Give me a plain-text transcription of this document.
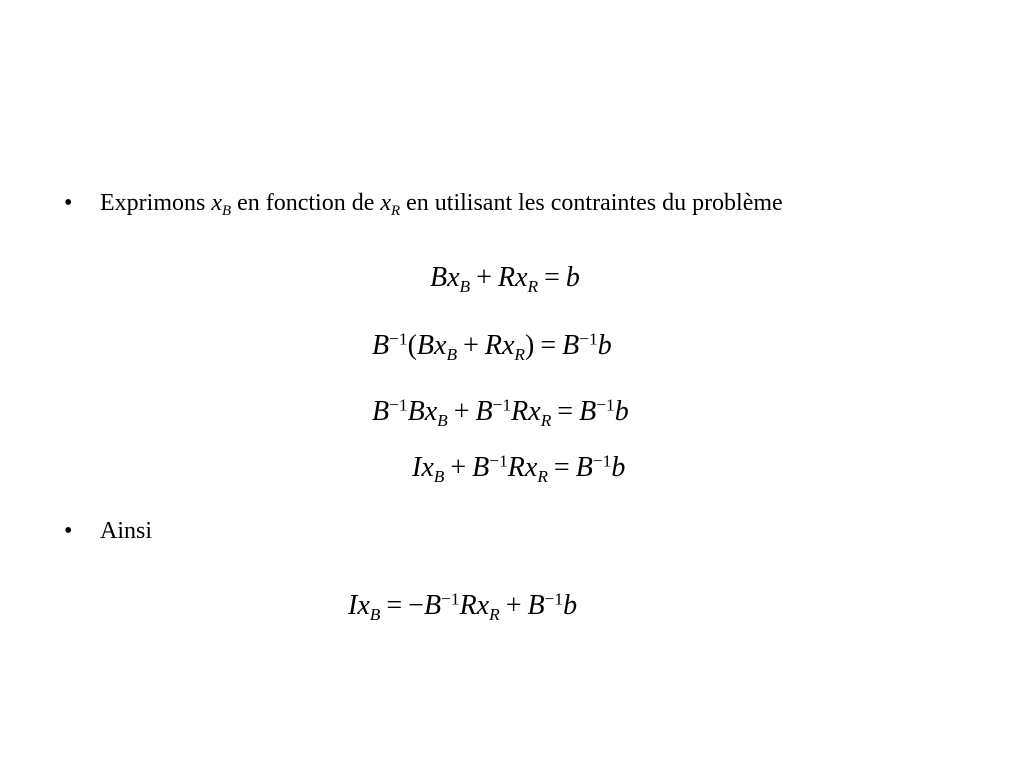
• Exprimons $x_B$ en fonction de $x_R$ en utilisant les contraintes du problème
$Bx_B + Rx_R = b$
$B^{-1}(Bx_B + Rx_R) = B^{-1}b$
$B^{-1}Bx_B + B^{-1}Rx_R = B^{-1}b$
$Ix_B + B^{-1}Rx_R = B^{-1}b$
• Ainsi
$Ix_B = -B^{-1}Rx_R + B^{-1}b$
